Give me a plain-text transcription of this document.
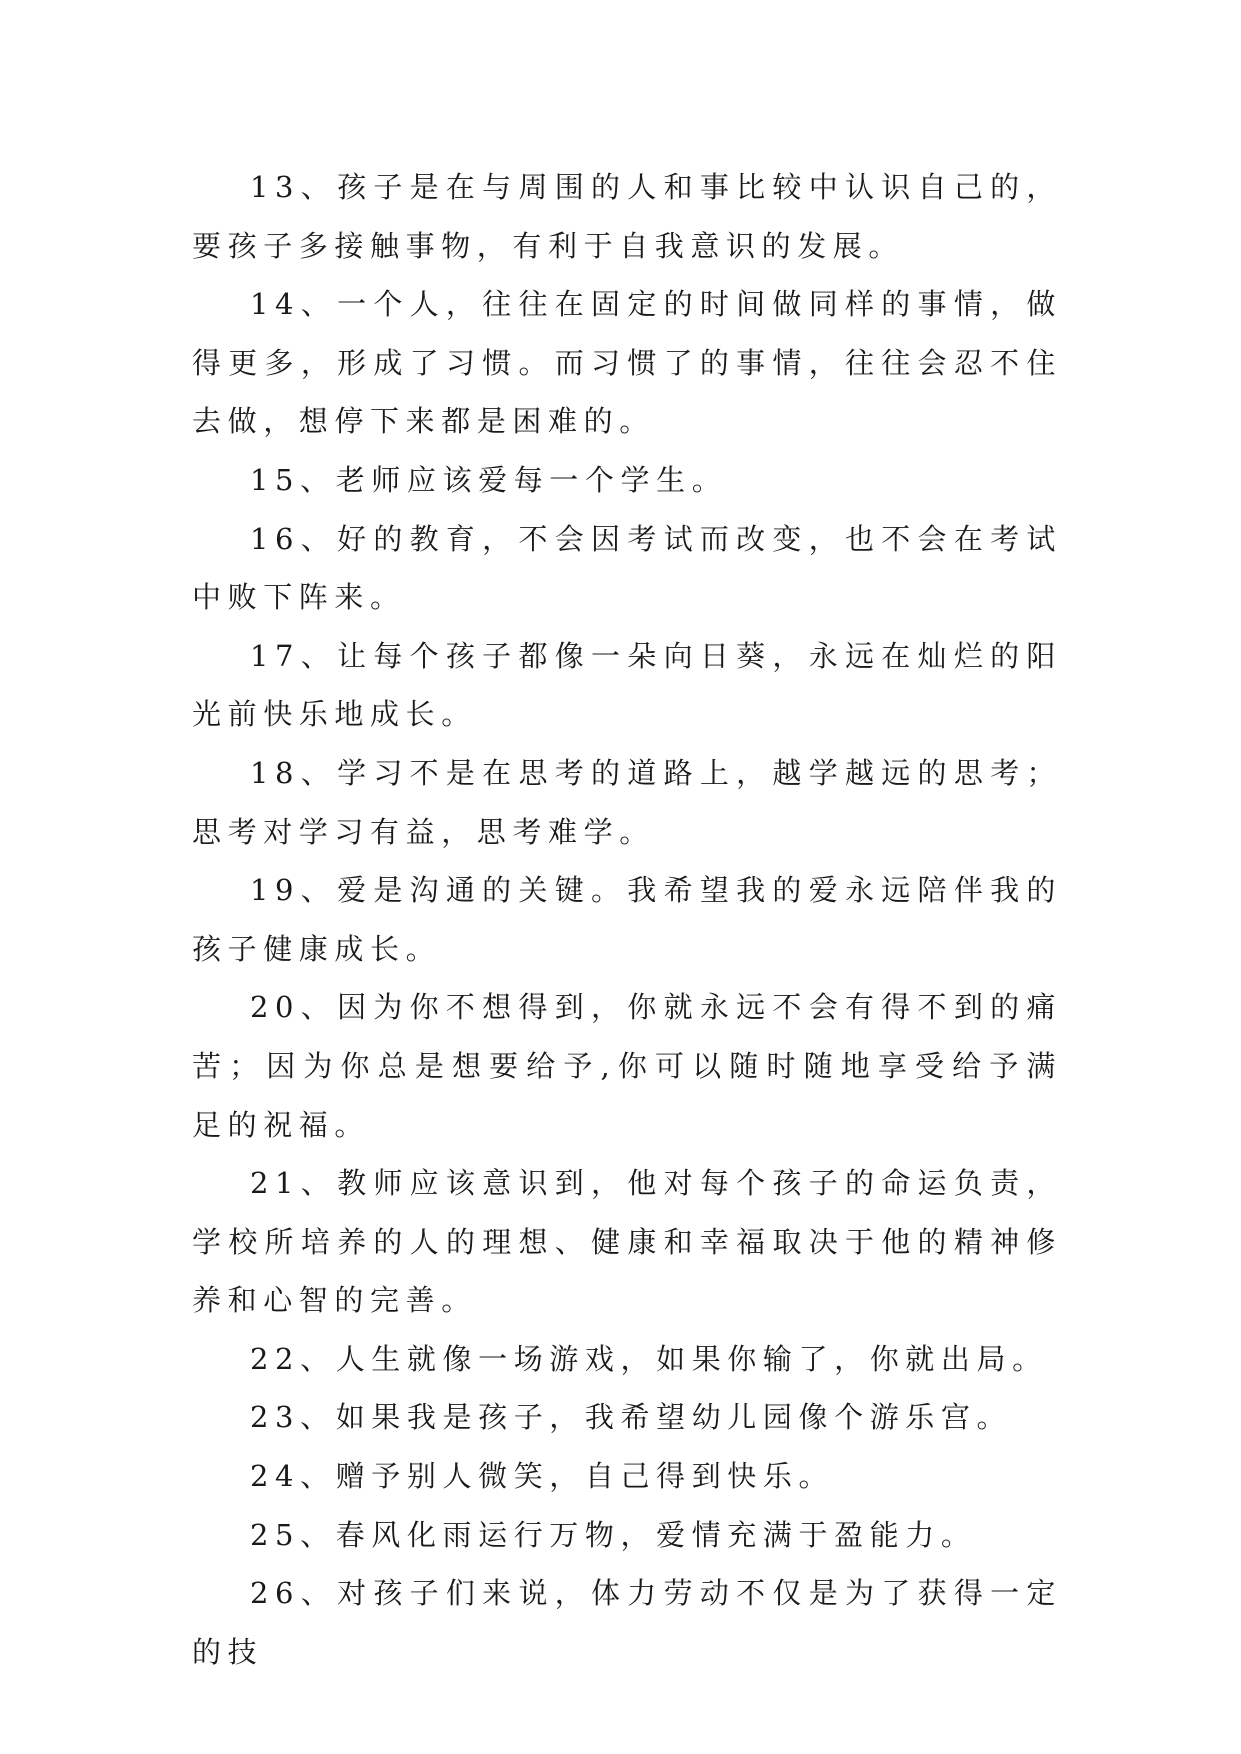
13、孩子是在与周围的人和事比较中认识自己的，要孩子多接触事物，有利于自我意识的发展。

14、一个人，往往在固定的时间做同样的事情，做得更多，形成了习惯。而习惯了的事情，往往会忍不住去做，想停下来都是困难的。

15、老师应该爱每一个学生。

16、好的教育，不会因考试而改变，也不会在考试中败下阵来。

17、让每个孩子都像一朵向日葵，永远在灿烂的阳光前快乐地成长。

18、学习不是在思考的道路上，越学越远的思考；思考对学习有益，思考难学。

19、爱是沟通的关键。我希望我的爱永远陪伴我的孩子健康成长。

20、因为你不想得到，你就永远不会有得不到的痛苦；因为你总是想要给予,你可以随时随地享受给予满足的祝福。

21、教师应该意识到，他对每个孩子的命运负责，学校所培养的人的理想、健康和幸福取决于他的精神修养和心智的完善。

22、人生就像一场游戏，如果你输了，你就出局。

23、如果我是孩子，我希望幼儿园像个游乐宫。

24、赠予别人微笑，自己得到快乐。

25、春风化雨运行万物，爱情充满于盈能力。

26、对孩子们来说，体力劳动不仅是为了获得一定的技
